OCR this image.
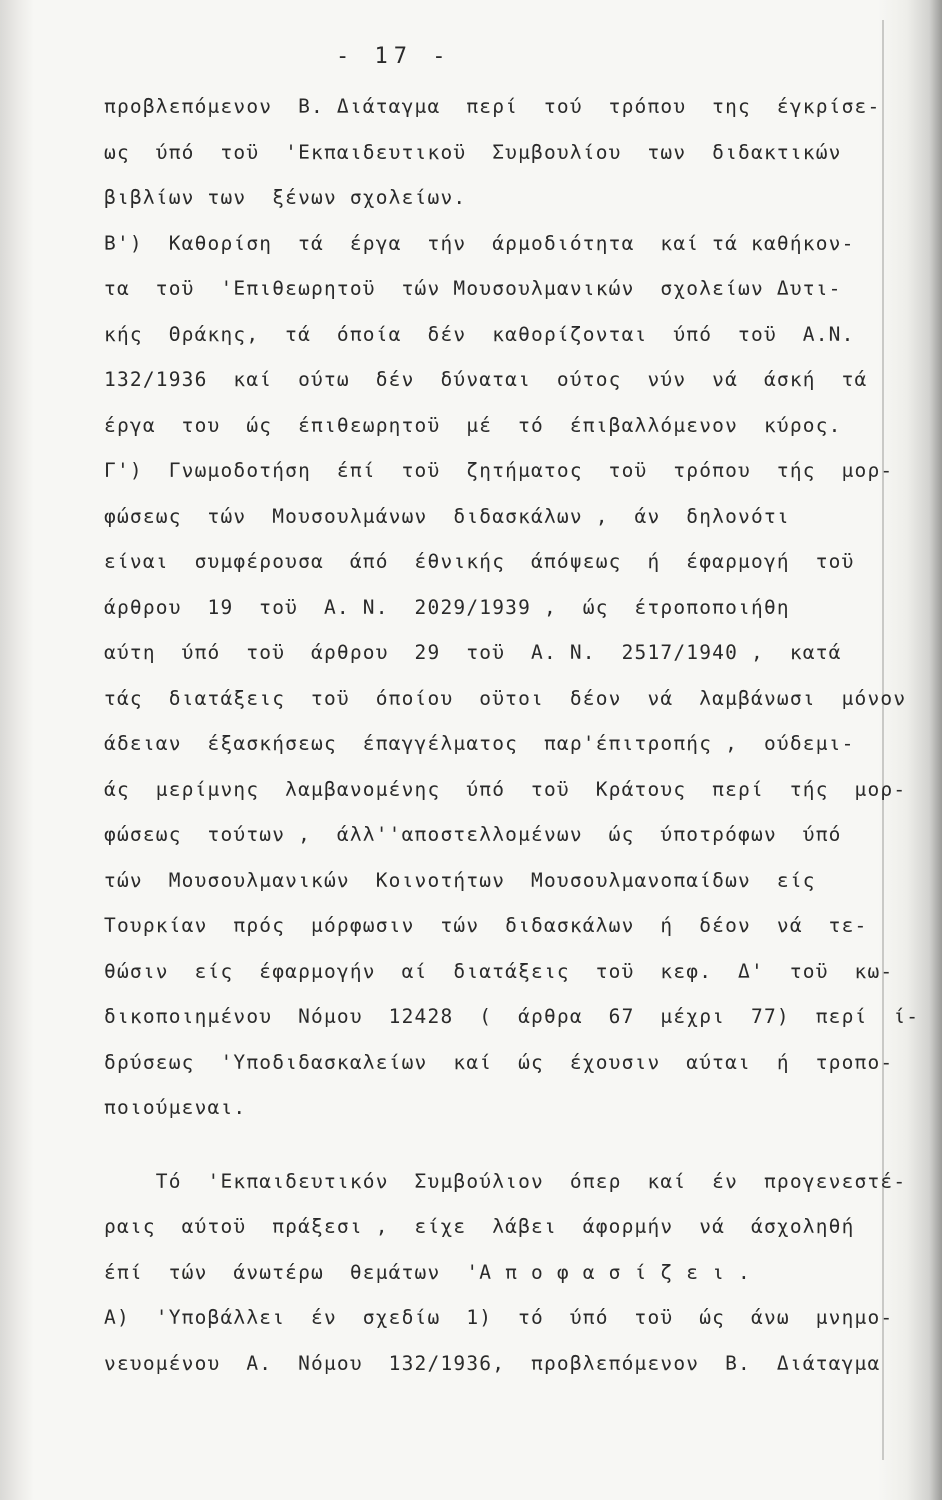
- 17 -
προβλεπόμενον  Β. Διάταγμα  περί  τού  τρόπου  της  έγκρίσε-
ως  ύπό  τοϋ  'Εκπαιδευτικοϋ  Συμβουλίου  των  διδακτικών
βιβλίων των  ξένων σχολείων.
Β')  Καθορίση  τά  έργα  τήν  άρμοδιότητα  καί τά καθήκον-
τα  τοϋ  'Επιθεωρητοϋ  τών Μουσουλμανικών  σχολείων Δυτι-
κής  Θράκης,  τά  όποία  δέν  καθορίζονται  ύπό  τοϋ  Α.Ν.
132/1936  καί  ούτω  δέν  δύναται  ούτος  νύν  νά  άσκή  τά
έργα  του  ώς  έπιθεωρητοϋ  μέ  τό  έπιβαλλόμενον  κύρος.
Γ')  Γνωμοδοτήση  έπί  τοϋ  ζητήματος  τοϋ  τρόπου  τής  μορ-
φώσεως  τών  Μουσουλμάνων  διδασκάλων ,  άν  δηλονότι
είναι  συμφέρουσα  άπό  έθνικής  άπόψεως  ή  έφαρμογή  τοϋ
άρθρου  19  τοϋ  Α. Ν.  2029/1939 ,  ώς  έτροποποιήθη
αύτη  ύπό  τοϋ  άρθρου  29  τοϋ  Α. Ν.  2517/1940 ,  κατά
τάς  διατάξεις  τοϋ  όποίου  οϋτοι  δέον  νά  λαμβάνωσι  μόνον
άδειαν  έξασκήσεως  έπαγγέλματος  παρ'έπιτροπής ,  ούδεμι-
άς  μερίμνης  λαμβανομένης  ύπό  τοϋ  Κράτους  περί  τής  μορ-
φώσεως  τούτων ,  άλλ''αποστελλομένων  ώς  ύποτρόφων  ύπό
τών  Μουσουλμανικών  Κοινοτήτων  Μουσουλμανοπαίδων  είς
Τουρκίαν  πρός  μόρφωσιν  τών  διδασκάλων  ή  δέον  νά  τε-
θώσιν  είς  έφαρμογήν  αί  διατάξεις  τοϋ  κεφ.  Δ'  τοϋ  κω-
δικοποιημένου  Νόμου  12428  (  άρθρα  67  μέχρι  77)  περί  ί-
δρύσεως  'Υποδιδασκαλείων  καί  ώς  έχουσιν  αύται  ή  τροπο-
ποιούμεναι.
Τό  'Εκπαιδευτικόν  Συμβούλιον  όπερ  καί  έν  προγενεστέ-
ραις  αύτοϋ  πράξεσι ,  είχε  λάβει  άφορμήν  νά  άσχοληθή
έπί  τών  άνωτέρω  θεμάτων  'Α π ο φ α σ ί ζ ε ι .
Α)  'Υποβάλλει  έν  σχεδίω  1)  τό  ύπό  τοϋ  ώς  άνω  μνημο-
νευομένου  Α.  Νόμου  132/1936,  προβλεπόμενον  Β.  Διάταγμα
